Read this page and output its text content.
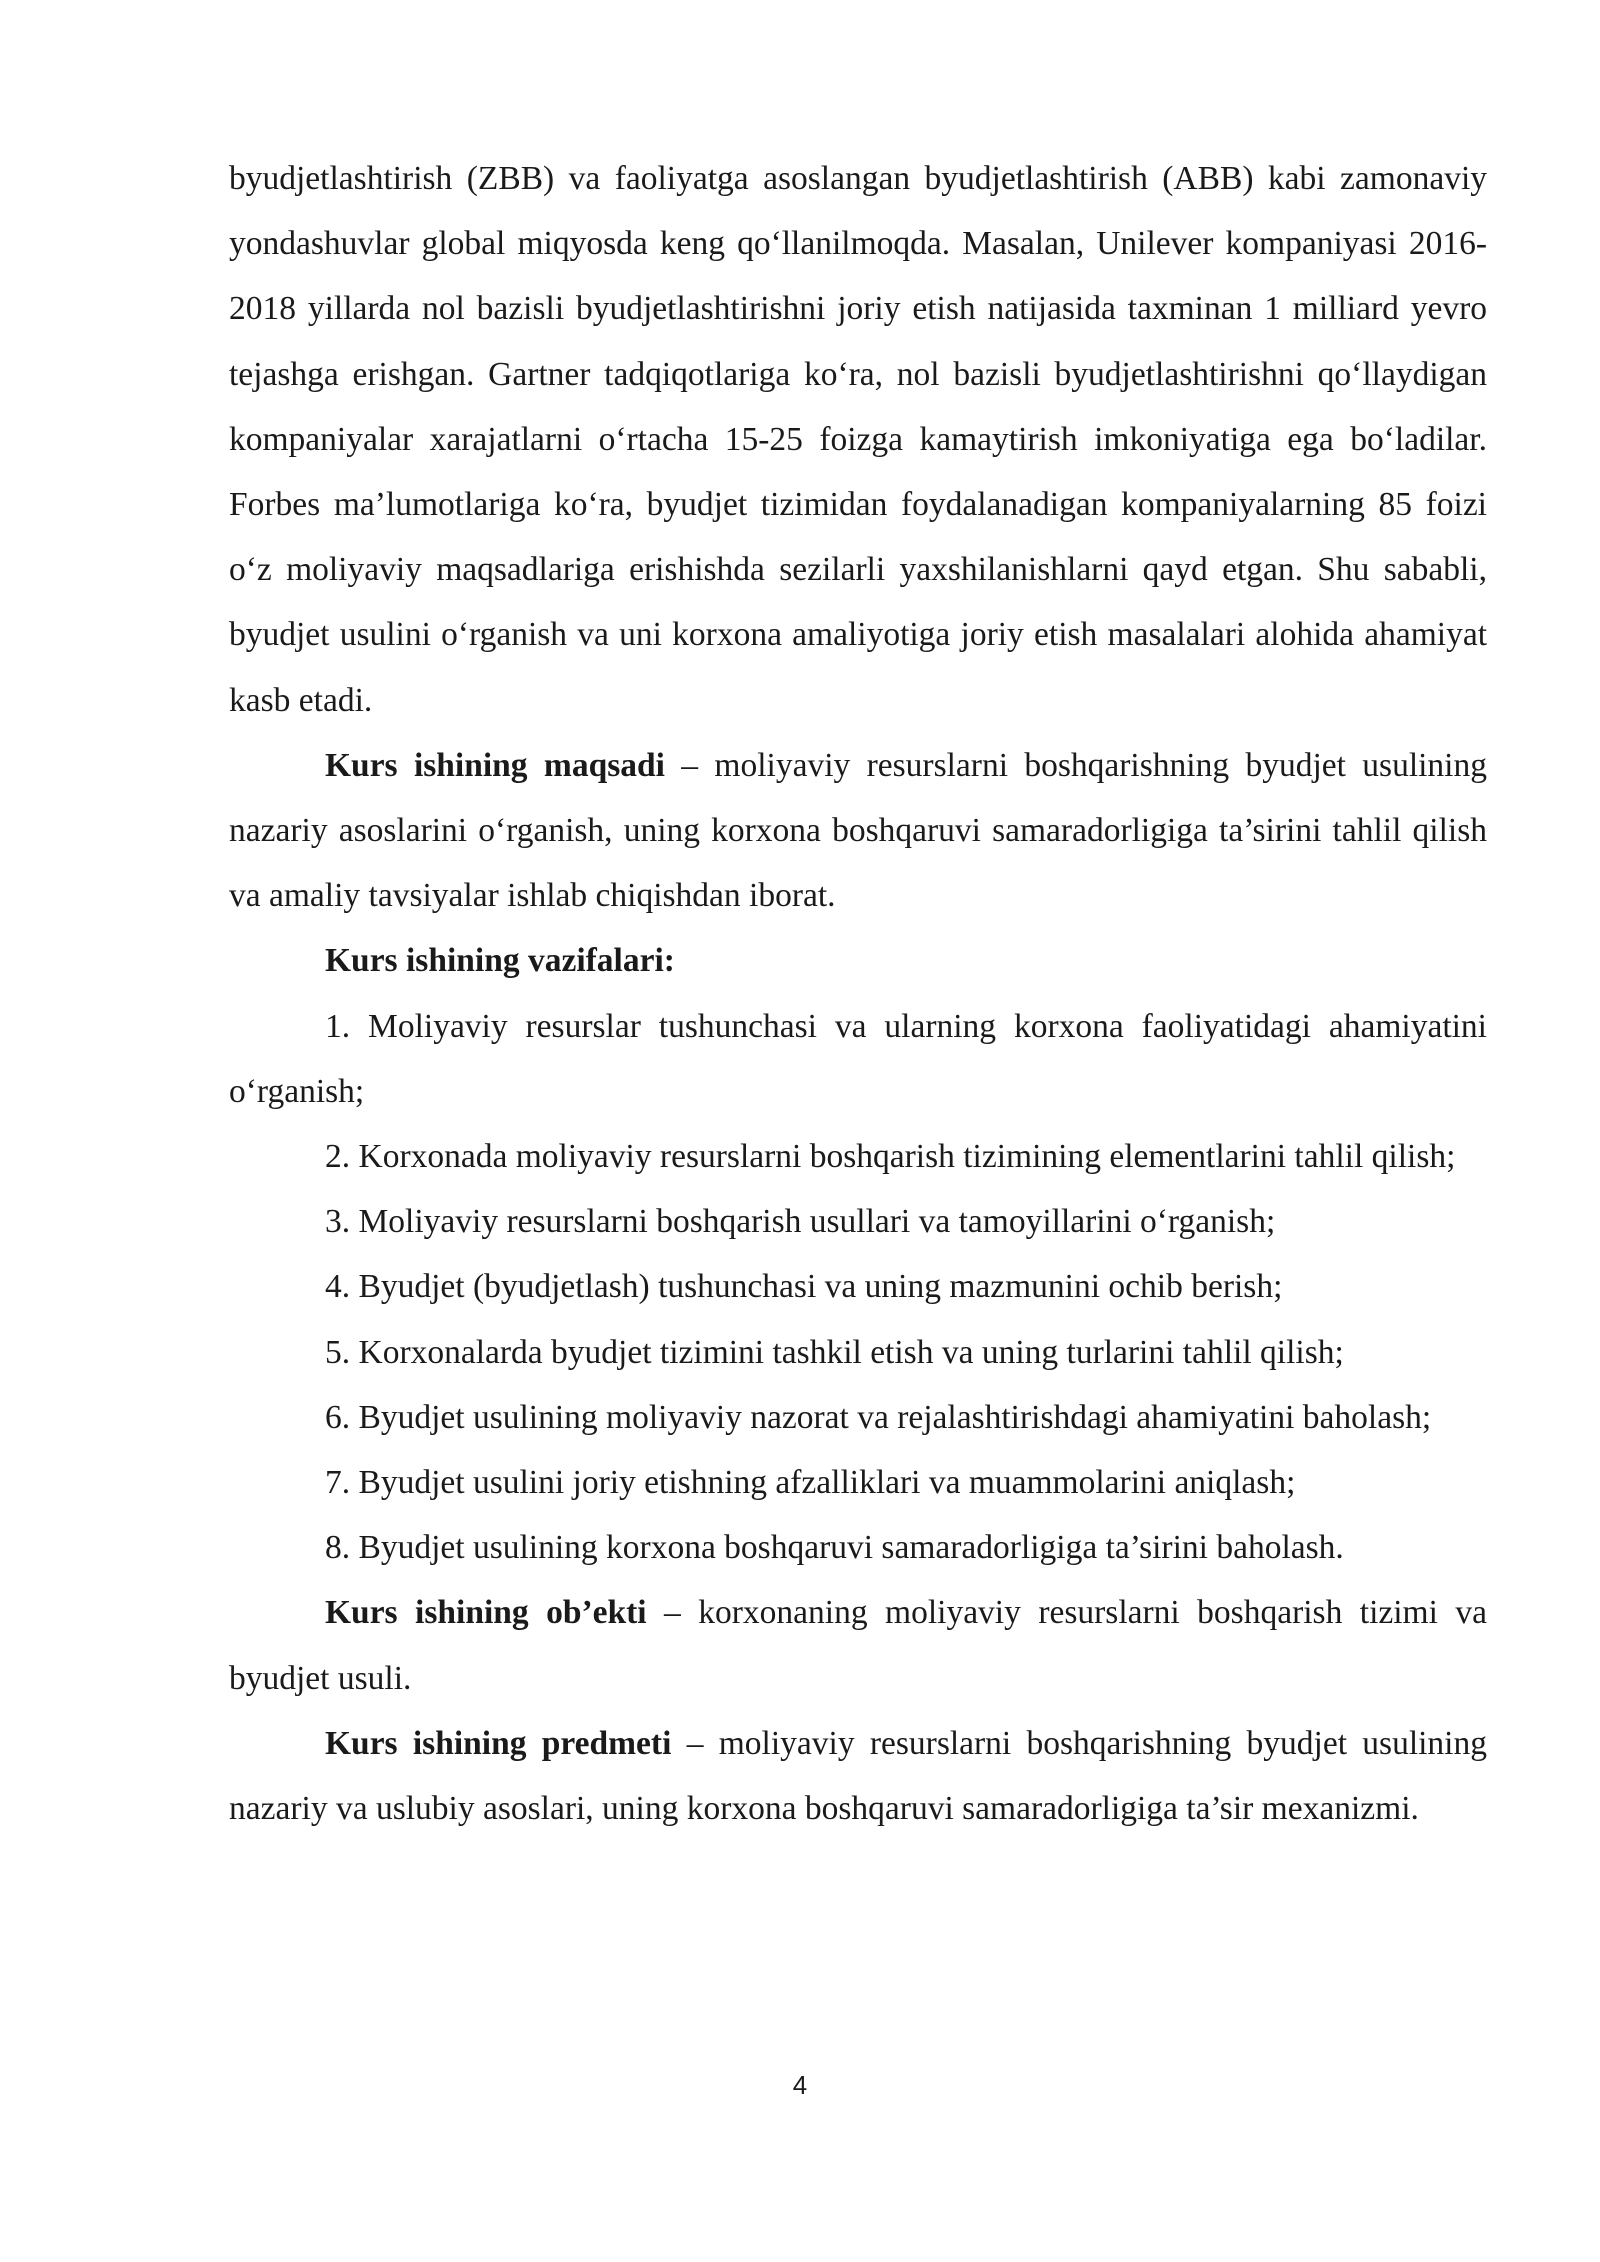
byudjetlashtirish (ZBB) va faoliyatga asoslangan byudjetlashtirish (ABB) kabi zamonaviy yondashuvlar global miqyosda keng qo‘llanilmoqda. Masalan, Unilever kompaniyasi 2016-2018 yillarda nol bazisli byudjetlashtirishni joriy etish natijasida taxminan 1 milliard yevro tejashga erishgan. Gartner tadqiqotlariga ko‘ra, nol bazisli byudjetlashtirishni qo‘llaydigan kompaniyalar xarajatlarni o‘rtacha 15-25 foizga kamaytirish imkoniyatiga ega bo‘ladilar. Forbes ma’lumotlariga ko‘ra, byudjet tizimidan foydalanadigan kompaniyalarning 85 foizi o‘z moliyaviy maqsadlariga erishishda sezilarli yaxshilanishlarni qayd etgan. Shu sababli, byudjet usulini o‘rganish va uni korxona amaliyotiga joriy etish masalalari alohida ahamiyat kasb etadi.

Kurs ishining maqsadi – moliyaviy resurslarni boshqarishning byudjet usulining nazariy asoslarini o‘rganish, uning korxona boshqaruvi samaradorligiga ta’sirini tahlil qilish va amaliy tavsiyalar ishlab chiqishdan iborat.

Kurs ishining vazifalari:

1. Moliyaviy resurslar tushunchasi va ularning korxona faoliyatidagi ahamiyatini o‘rganish;

2. Korxonada moliyaviy resurslarni boshqarish tizimining elementlarini tahlil qilish;

3. Moliyaviy resurslarni boshqarish usullari va tamoyillarini o‘rganish;

4. Byudjet (byudjetlash) tushunchasi va uning mazmunini ochib berish;

5. Korxonalarda byudjet tizimini tashkil etish va uning turlarini tahlil qilish;

6. Byudjet usulining moliyaviy nazorat va rejalashtirishdagi ahamiyatini baholash;

7. Byudjet usulini joriy etishning afzalliklari va muammolarini aniqlash;

8. Byudjet usulining korxona boshqaruvi samaradorligiga ta’sirini baholash.

Kurs ishining ob’ekti – korxonaning moliyaviy resurslarni boshqarish tizimi va byudjet usuli.

Kurs ishining predmeti – moliyaviy resurslarni boshqarishning byudjet usulining nazariy va uslubiy asoslari, uning korxona boshqaruvi samaradorligiga ta’sir mexanizmi.

4
